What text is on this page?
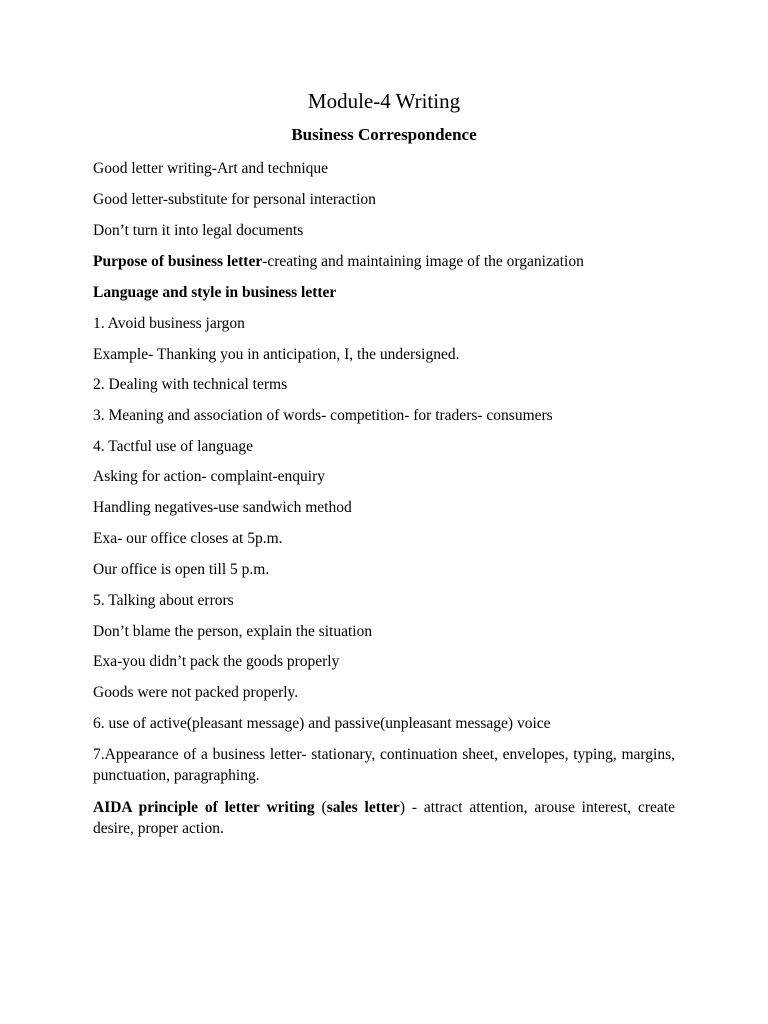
Module-4 Writing
Business Correspondence
Good letter writing-Art and technique
Good letter-substitute for personal interaction
Don’t turn it into legal documents
Purpose of business letter-creating and maintaining image of the organization
Language and style in business letter
1. Avoid business jargon
Example- Thanking you in anticipation, I, the undersigned.
2. Dealing with technical terms
3. Meaning and association of words- competition- for traders- consumers
4. Tactful use of language
Asking for action- complaint-enquiry
Handling negatives-use sandwich method
Exa- our office closes at 5p.m.
Our office is open till 5 p.m.
5. Talking about errors
Don’t blame the person, explain the situation
Exa-you didn’t pack the goods properly
Goods were not packed properly.
6. use of active(pleasant message) and passive(unpleasant message) voice
7.Appearance of a business letter- stationary, continuation sheet, envelopes, typing, margins, punctuation, paragraphing.
AIDA principle of letter writing (sales letter) - attract attention, arouse interest, create desire, proper action.
